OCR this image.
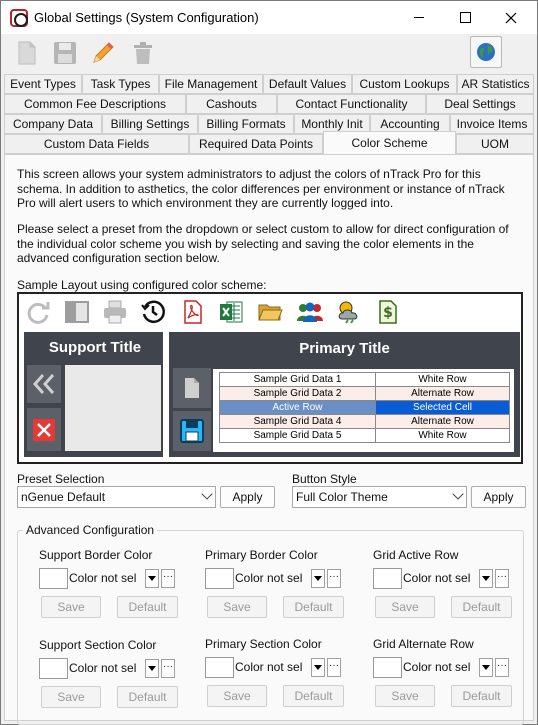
Global Settings (System Configuration)
Event Types	Task Types	File Management Default Values	Custom Lookups AR Statistics
Common Fee Descriptions	Cashouts	Contact Functionality	Deal Settings
Company Data	Billing Settings	Billing Formats	Monthly Init	Accounting	Invoice Items
Custom Data Fields	Required Data Points	Color Scheme	UOM
This screen allows your system administrators to adjust the colors of nTrack Pro for this schema. In addition to asthetics, the color differences per environment or instance of nTrack Pro will alert users to which environment they are currently logged into.
Please select a preset from the dropdown or select custom to allow for direct configuration of the individual color scheme you wish by selecting and saving the color elements in the advanced configuration section below.
Sample Layout using configured color scheme:
$
Support Title	Primary Title
Sample Grid Data 1	White Row
Sample Grid Data 2	Alternate Row
Active Row	Selected Cell
Sample Grid Data 4	Alternate Row
Sample Grid Data 5	White Row
Preset Selection
nGenue Default	Apply
Button Style
Full Color Theme	Apply
Advanced Configuration
Support Border Color
Color not sel	···
Save	Default
Primary Border Color
Color not sel	···
Save	Default
Grid Active Row
Color not sel	···
Save	Default
Support Section Color
Color not sel	···
Save	Default
Primary Section Color
Color not sel	···
Save	Default
Grid Alternate Row
Color not sel	···
Save	Default
